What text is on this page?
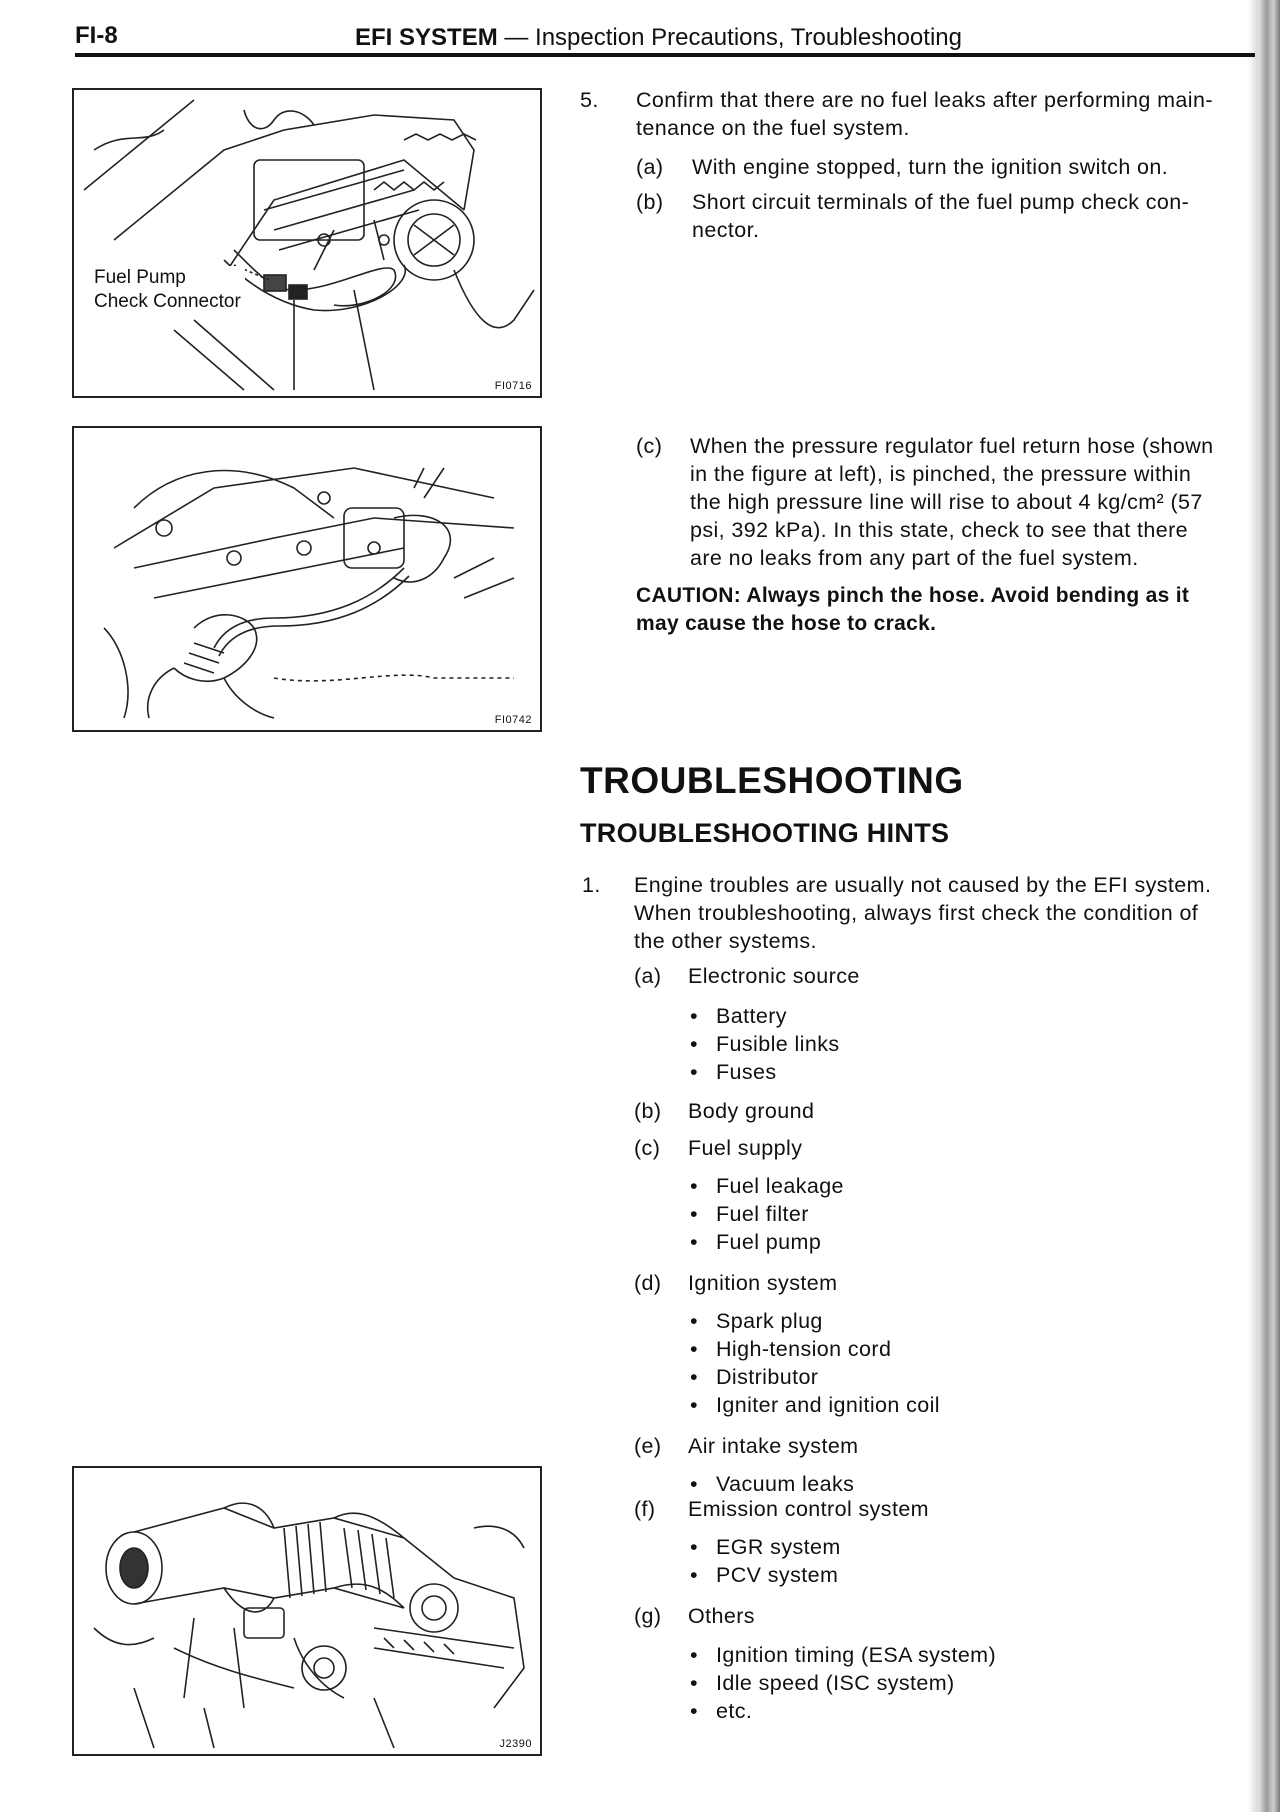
FI-8	EFI SYSTEM — Inspection Precautions, Troubleshooting
Fuel Pump
Check Connector
FI0716
FI0742
J2390
5. Confirm that there are no fuel leaks after performing main-
tenance on the fuel system.
(a) With engine stopped, turn the ignition switch on.
(b) Short circuit terminals of the fuel pump check con-
nector.
(c) When the pressure regulator fuel return hose (shown
in the figure at left), is pinched, the pressure within
the high pressure line will rise to about 4 kg/cm² (57
psi, 392 kPa). In this state, check to see that there
are no leaks from any part of the fuel system.
CAUTION: Always pinch the hose. Avoid bending as it
may cause the hose to crack.
TROUBLESHOOTING
TROUBLESHOOTING HINTS
1. Engine troubles are usually not caused by the EFI system.
When troubleshooting, always first check the condition of
the other systems.
(a) Electronic source
• Battery
• Fusible links
• Fuses
(b) Body ground
(c) Fuel supply
• Fuel leakage
• Fuel filter
• Fuel pump
(d) Ignition system
• Spark plug
• High-tension cord
• Distributor
• Igniter and ignition coil
(e) Air intake system
• Vacuum leaks
(f) Emission control system
• EGR system
• PCV system
(g) Others
• Ignition timing (ESA system)
• Idle speed (ISC system)
• etc.
